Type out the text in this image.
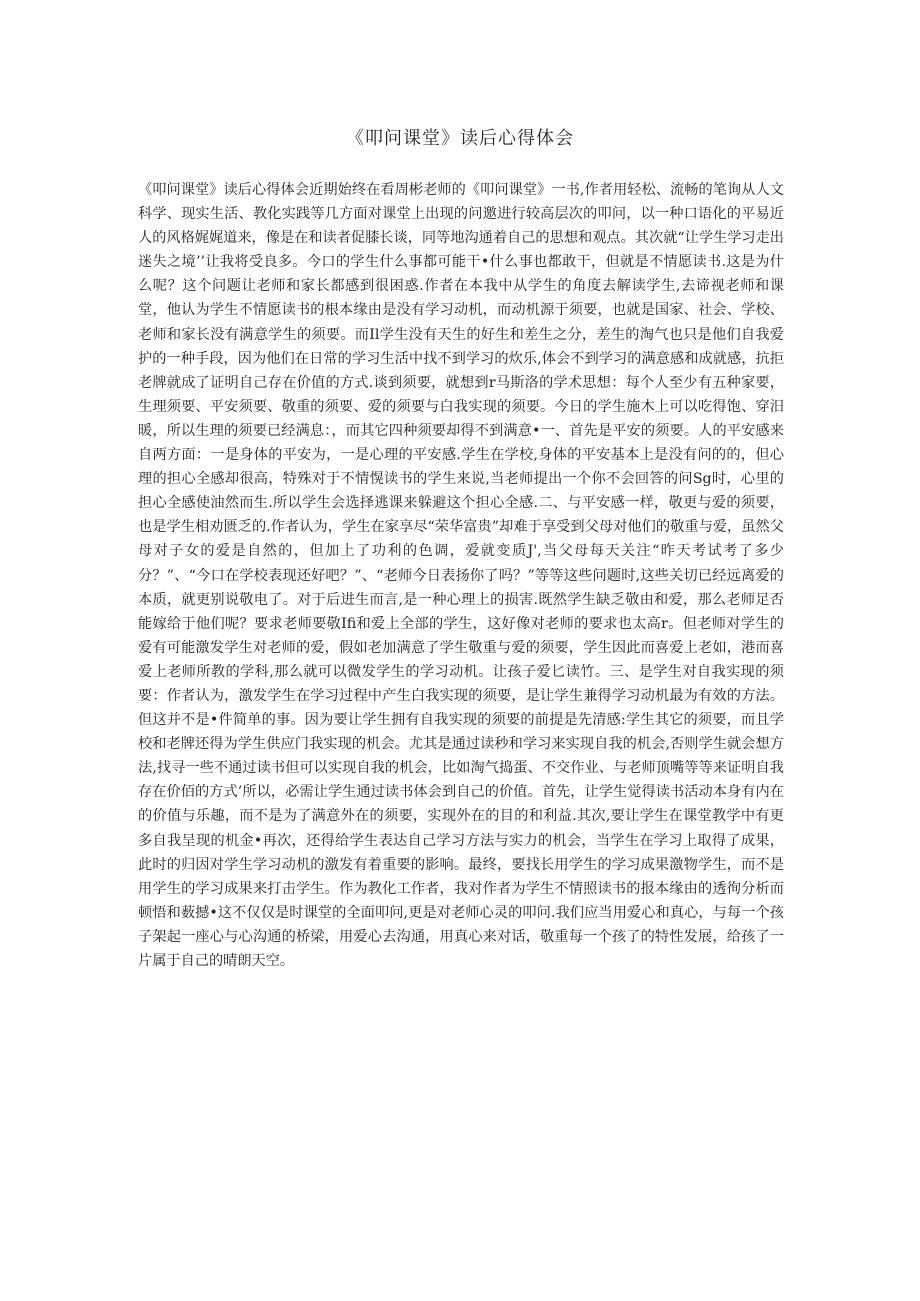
《叩问课堂》读后心得体会

《叩问课堂》读后心得体会近期始终在看周彬老师的《叩问课堂》一书,作者用轻松、流畅的笔询从人文科学、现实生活、教化实践等几方面对课堂上出现的问邀进行较高层次的叩问，以一种口语化的平易近人的风格娓娓道来，像是在和读者促膝长谈，同等地沟通着自己的思想和观点。其次就“让学生学习走出迷失之境’’让我将受良多。今口的学生什么事都可能干•什么事也都敢干，但就是不情愿读书.这是为什么呢？这个问题让老师和家长都感到很困惑.作者在本我中从学生的角度去解读学生,去谛视老师和课堂，他认为学生不情愿读书的根本缘由是没有学习动机，而动机源于须要，也就是国家、社会、学校、老师和家长没有满意学生的须要。而Il学生没有天生的好生和差生之分，差生的淘气也只是他们自我爱护的一种手段，因为他们在日常的学习生活中找不到学习的炊乐,体会不到学习的满意感和成就感，抗拒老牌就成了证明自己存在价值的方式.谈到须要，就想到r马斯洛的学术思想：每个人至少有五种家要，生理须要、平安须要、敬重的须要、爱的须要与白我实现的须要。今日的学生施木上可以吃得饱、穿汨暖，所以生理的须要已经满息：，而其它四种须要却得不到满意•一、首先是平安的须要。人的平安感来自两方面：一是身体的平安为，一是心理的平安感.学生在学校,身体的平安基本上是没有问的的，但心理的担心全感却很高，特殊对于不情愰读书的学生来说,当老师提出一个你不会回答的问Sg时，心里的担心全感使油然而生.所以学生会选择逃课来躲避这个担心全感.二、与平安感一样，敬更与爱的须要，也是学生相劝匮乏的.作者认为，学生在家享尽“荣华富贵”却难于享受到父母对他们的敬重与爱，虽然父母对子女的爱是自然的，但加上了功利的色调，爱就变质J',当父母每天关注“昨天考试考了多少分？”、“今口在学校表现还好吧？”、“老师今日表扬你了吗？”等等这些问题时,这些关切已经远离爱的本质，就更别说敬电了。对于后进生而言,是一种心理上的损害.既然学生缺乏敬由和爱，那么老师足否能嫁给于他们呢？要求老师要敬Ifi和爱上全部的学生，这好像对老师的要求也太高r。但老师对学生的爱有可能激发学生对老师的爱，假如老加满意了学生敬重与爱的须要，学生因此而喜爱上老如，港而喜爱上老师所教的学科,那么就可以微发学生的学习动机。让孩子爱匕读竹。三、是学生对自我实现的须要：作者认为，激发学生在学习过程中产生白我实现的须要，是让学生兼得学习动机最为有效的方法。但这并不是•件简单的事。因为要让学生拥有自我实现的须要的前提是先清感:学生其它的须要，而且学校和老牌还得为学生供应门我实现的机会。尤其是通过读秒和学习来实现自我的机会,否则学生就会想方法,找寻一些不通过读书但可以实现自我的机会，比如淘气捣蛋、不交作业、与老师顶嘴等等来证明自我存在价佰的方式’所以，必需让学生通过读书体会到自己的价值。首先，让学生觉得读书活动本身有内在的价值与乐趣，而不是为了满意外在的须要，实现外在的目的和利益.其次,要让学生在课堂教学中有更多自我呈现的机金•再次，还得给学生表达自己学习方法与实力的机会，当学生在学习上取得了成果，此时的归因对学生学习动机的激发有着重要的影响。最终，要找长用学生的学习成果激物学生，而不是用学生的学习成果来打击学生。作为教化工作者，我对作者为学生不情照读书的报本缘由的透徇分析而顿悟和薮撼•这不仅仅是时课堂的全面叩问,更是对老师心灵的叩问.我们应当用爱心和真心，与每一个孩子架起一座心与心沟通的桥梁，用爱心去沟通，用真心来对话，敬重每一个孩了的特性发展，给孩了一片属于自己的晴朗天空。
